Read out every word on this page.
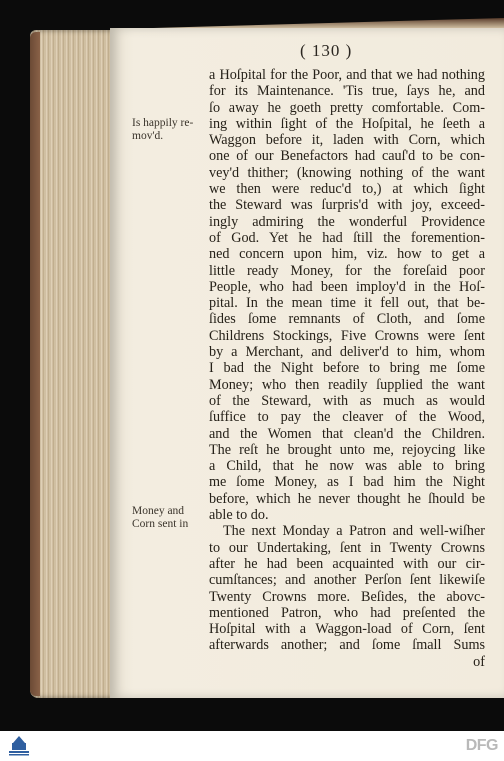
( 130 )
Is happily re-
mov'd.
Money and
Corn sent in
a Hoſpital for the Poor, and that we had nothing
for its Maintenance. 'Tis true, ſays he, and
ſo away he goeth pretty comfortable. Com-
ing within ſight of the Hoſpital, he ſeeth a
Waggon before it, laden with Corn, which
one of our Benefactors had cauſ'd to be con-
vey'd thither; (knowing nothing of the want
we then were reduc'd to,) at which ſight
the Steward was ſurpris'd with joy, exceed-
ingly admiring the wonderful Providence
of God. Yet he had ſtill the foremention-
ned concern upon him, viz. how to get a
little ready Money, for the foreſaid poor
People, who had been imploy'd in the Hoſ-
pital. In the mean time it fell out, that be-
ſides ſome remnants of Cloth, and ſome
Childrens Stockings, Five Crowns were ſent
by a Merchant, and deliver'd to him, whom
I bad the Night before to bring me ſome
Money; who then readily ſupplied the want
of the Steward, with as much as would
ſuffice to pay the cleaver of the Wood,
and the Women that clean'd the Children.
The reſt he brought unto me, rejoycing like
a Child, that he now was able to bring
me ſome Money, as I bad him the Night
before, which he never thought he ſhould be
able to do.
The next Monday a Patron and well-wiſher
to our Undertaking, ſent in Twenty Crowns
after he had been acquainted with our cir-
cumſtances; and another Perſon ſent likewiſe
Twenty Crowns more. Beſides, the abovc-
mentioned Patron, who had preſented the
Hoſpital with a Waggon-load of Corn, ſent
afterwards another; and ſome ſmall Sums
of
DFG
